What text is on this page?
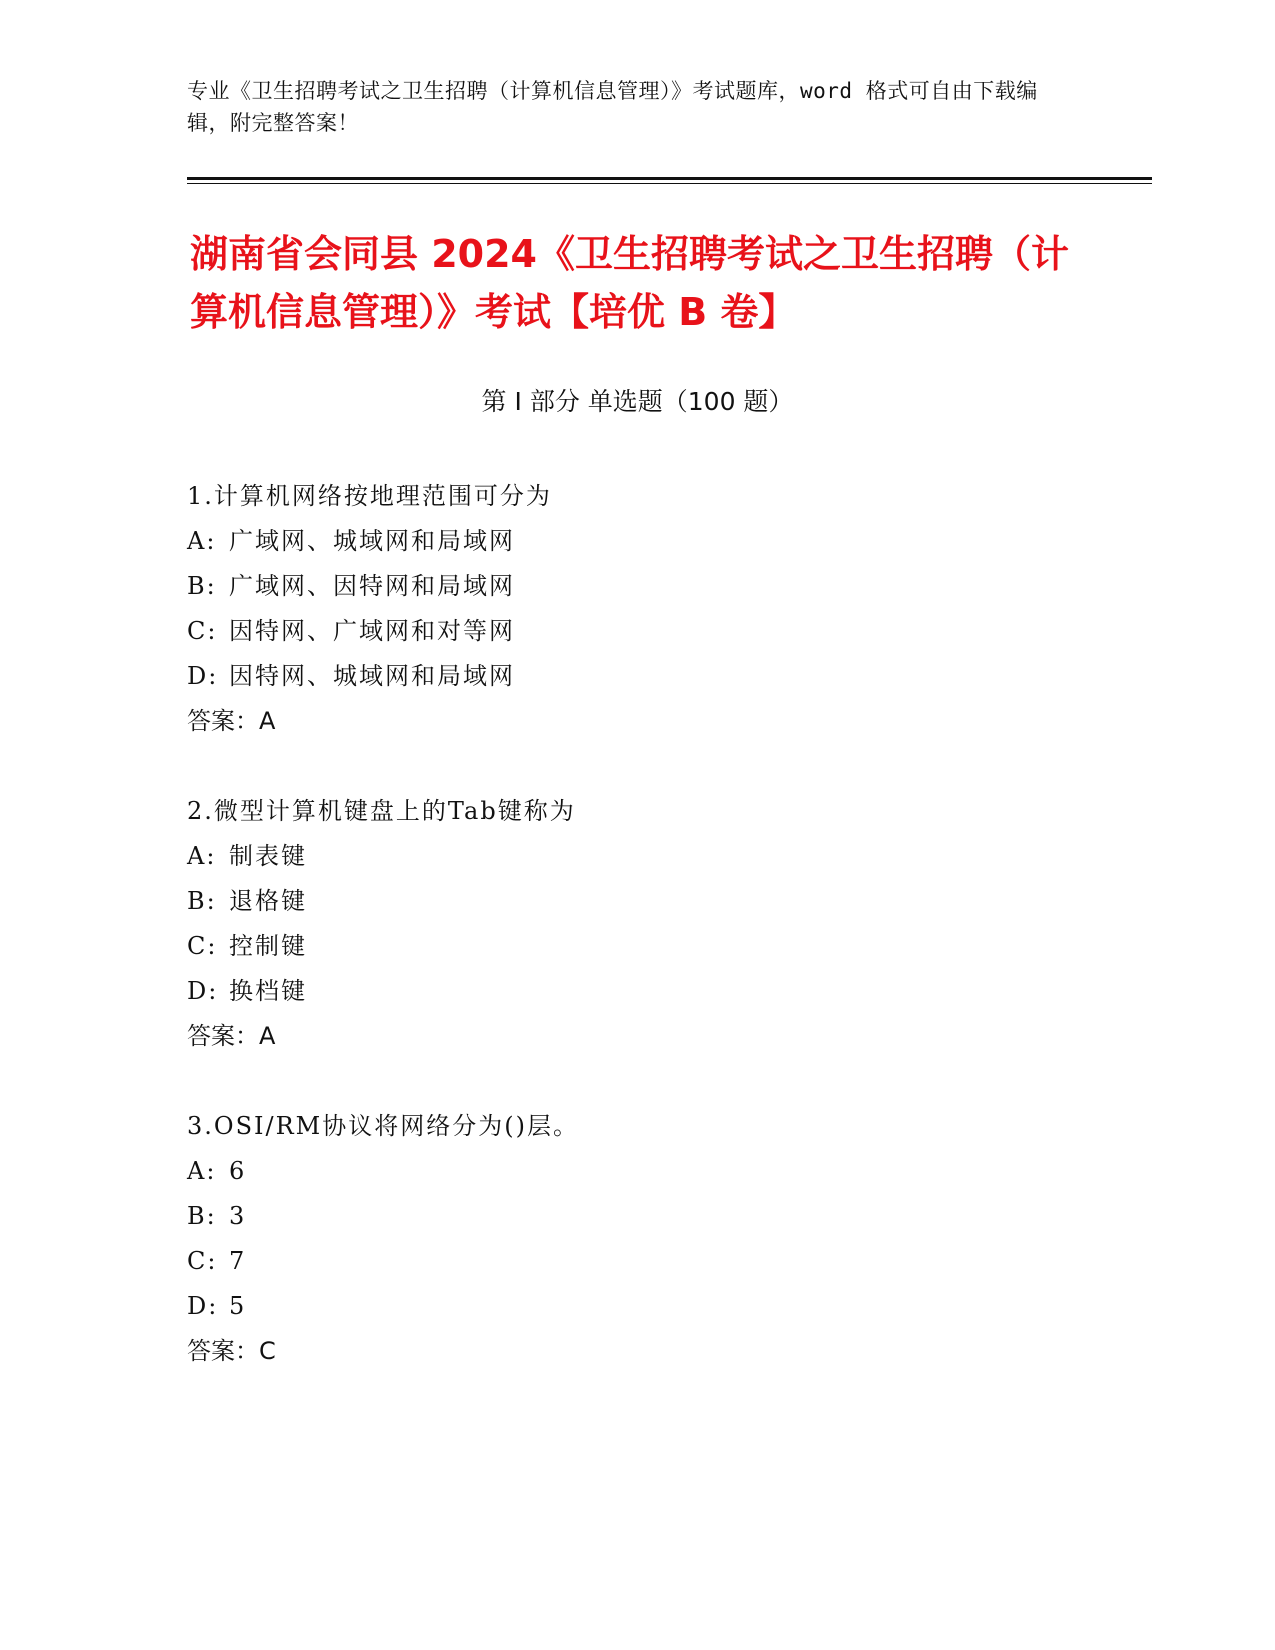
专业《卫生招聘考试之卫生招聘（计算机信息管理）》考试题库，word 格式可自由下载编辑，附完整答案！
湖南省会同县 2024《卫生招聘考试之卫生招聘（计算机信息管理）》考试【培优 B 卷】
第 I 部分 单选题（100 题）
1.计算机网络按地理范围可分为
A: 广域网、城域网和局域网
B: 广域网、因特网和局域网
C: 因特网、广域网和对等网
D: 因特网、城域网和局域网
答案：A
2.微型计算机键盘上的Tab键称为
A: 制表键
B: 退格键
C: 控制键
D: 换档键
答案：A
3.OSI/RM协议将网络分为()层。
A: 6
B: 3
C: 7
D: 5
答案：C
